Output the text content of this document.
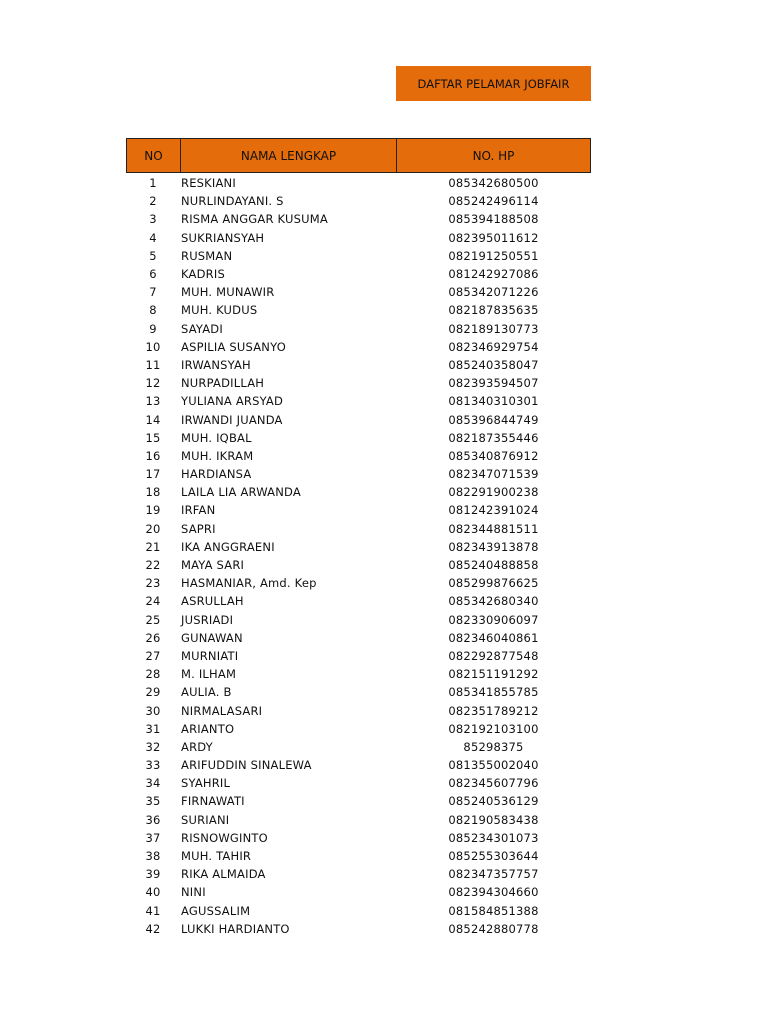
DAFTAR PELAMAR JOBFAIR
NO	NAMA LENGKAP	NO. HP
1	RESKIANI	085342680500
2	NURLINDAYANI. S	085242496114
3	RISMA ANGGAR KUSUMA	085394188508
4	SUKRIANSYAH	082395011612
5	RUSMAN	082191250551
6	KADRIS	081242927086
7	MUH. MUNAWIR	085342071226
8	MUH. KUDUS	082187835635
9	SAYADI	082189130773
10	ASPILIA SUSANYO	082346929754
11	IRWANSYAH	085240358047
12	NURPADILLAH	082393594507
13	YULIANA ARSYAD	081340310301
14	IRWANDI JUANDA	085396844749
15	MUH. IQBAL	082187355446
16	MUH. IKRAM	085340876912
17	HARDIANSA	082347071539
18	LAILA LIA ARWANDA	082291900238
19	IRFAN	081242391024
20	SAPRI	082344881511
21	IKA ANGGRAENI	082343913878
22	MAYA SARI	085240488858
23	HASMANIAR, Amd. Kep	085299876625
24	ASRULLAH	085342680340
25	JUSRIADI	082330906097
26	GUNAWAN	082346040861
27	MURNIATI	082292877548
28	M. ILHAM	082151191292
29	AULIA. B	085341855785
30	NIRMALASARI	082351789212
31	ARIANTO	082192103100
32	ARDY	85298375
33	ARIFUDDIN SINALEWA	081355002040
34	SYAHRIL	082345607796
35	FIRNAWATI	085240536129
36	SURIANI	082190583438
37	RISNOWGINTO	085234301073
38	MUH. TAHIR	085255303644
39	RIKA ALMAIDA	082347357757
40	NINI	082394304660
41	AGUSSALIM	081584851388
42	LUKKI HARDIANTO	085242880778
